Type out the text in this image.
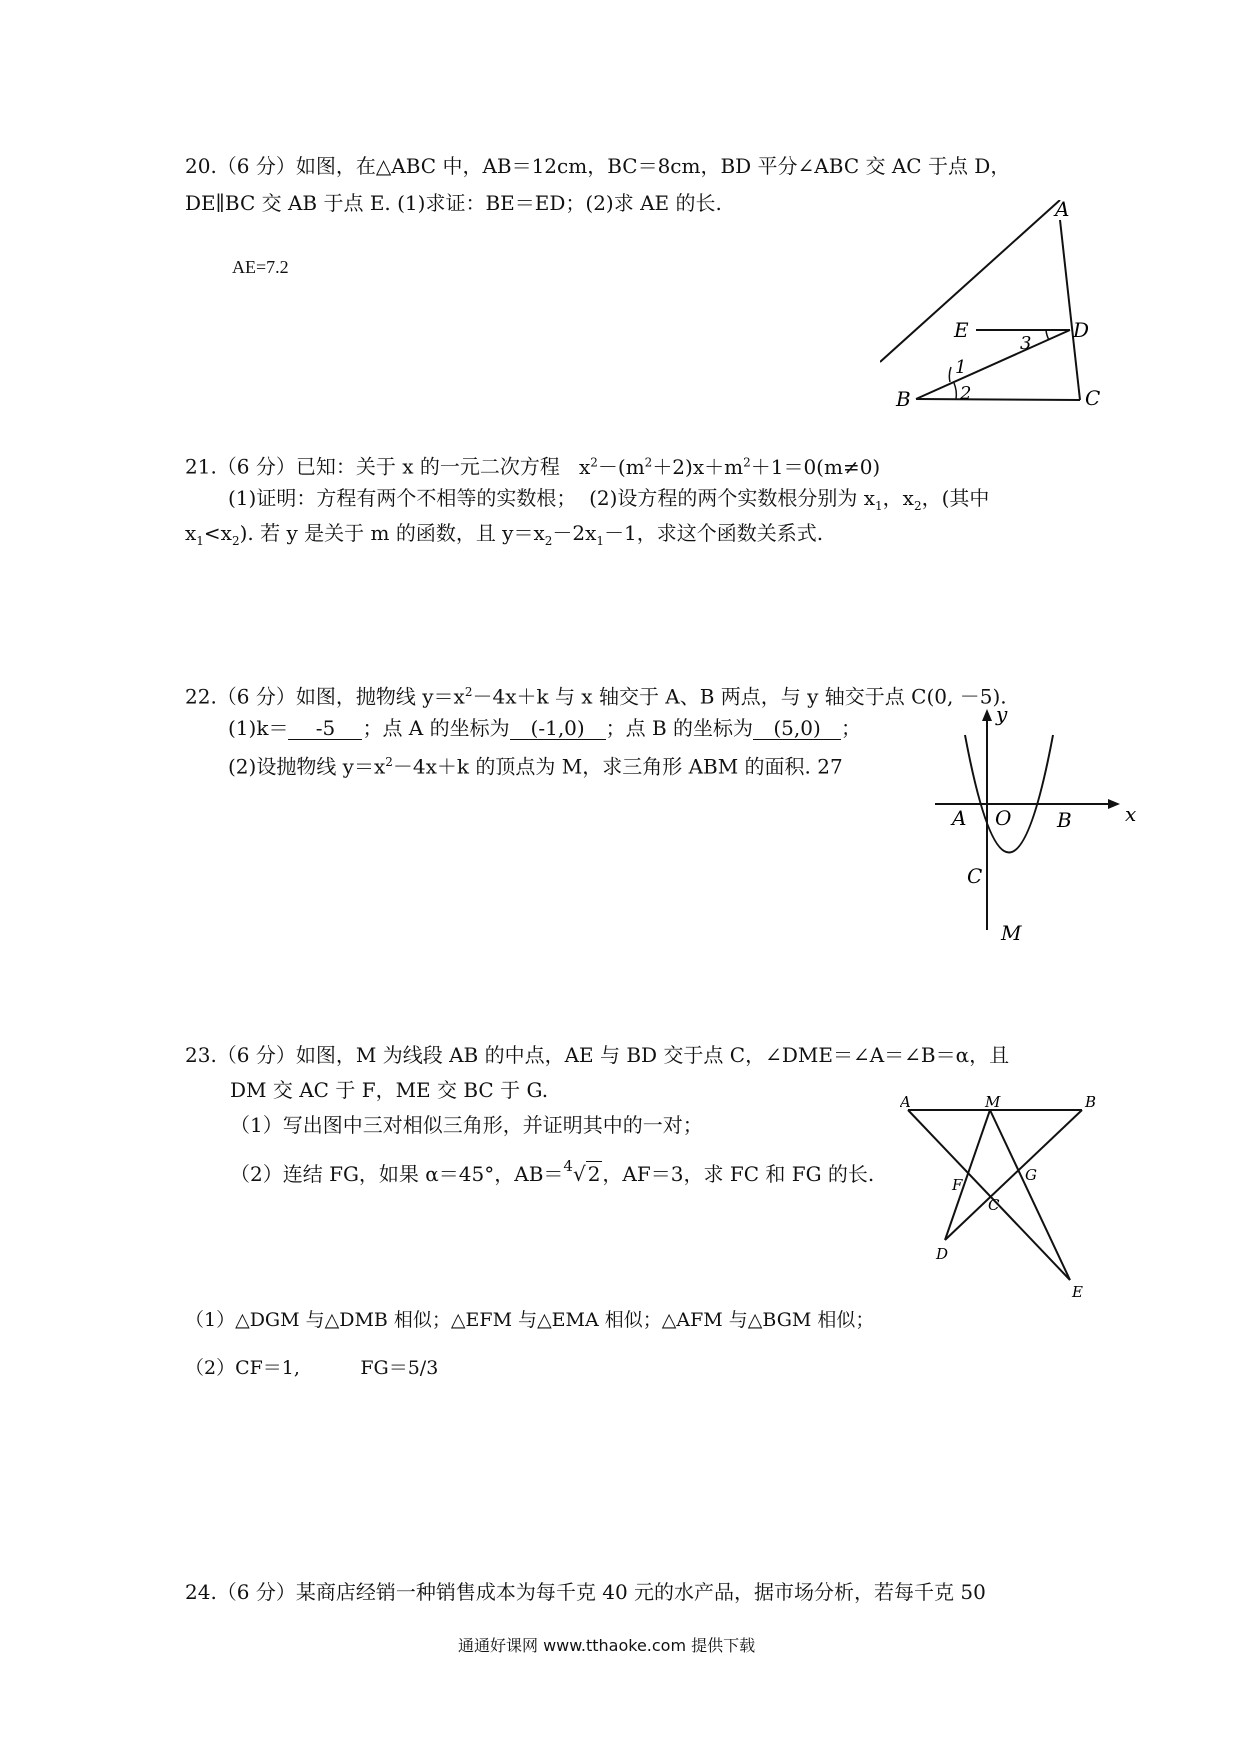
20.（6 分）如图，在△ABC 中，AB＝12cm，BC＝8cm，BD 平分∠ABC 交 AC 于点 D，
DE∥BC 交 AB 于点 E. (1)求证：BE＝ED；(2)求 AE 的长.
AE=7.2
A
B	C
D
E
1
2
3
21.（6 分）已知：关于 x 的一元二次方程 $x^2-(m^2+2)x+m^2+1=0(m\ne 0)$
(1)证明：方程有两个不相等的实数根； (2)设方程的两个实数根分别为 $x_1$，$x_2$，(其中
$x_1<x_2$). 若 y 是关于 m 的函数，且 $y=x_2-2x_1-1$，求这个函数关系式.
22.（6 分）如图，抛物线 $y=x^2-4x+k$ 与 x 轴交于 A、B 两点，与 y 轴交于点 C(0, －5).
(1)k＝ -5 ；点 A 的坐标为 (-1,0) ；点 B 的坐标为 (5,0) ；
(2)设抛物线 $y=x^2-4x+k$ 的顶点为 M，求三角形 ABM 的面积. 27
y
x
O
A	B
C
M
23.（6 分）如图，M 为线段 AB 的中点，AE 与 BD 交于点 C，∠DME＝∠A＝∠B＝α，且
DM 交 AC 于 F，ME 交 BC 于 G.
（1）写出图中三对相似三角形，并证明其中的一对；
（2）连结 FG，如果 α＝45°，AB＝$^4$√ 2 ，AF＝3，求 FC 和 FG 的长.
A	M	B
F
G
C
D
E
（1）△DGM 与△DMB 相似；△EFM 与△EMA 相似；△AFM 与△BGM 相似；
（2）CF＝1,	FG＝5/3
24.（6 分）某商店经销一种销售成本为每千克 40 元的水产品，据市场分析，若每千克 50
通通好课网 www.tthaoke.com 提供下载
